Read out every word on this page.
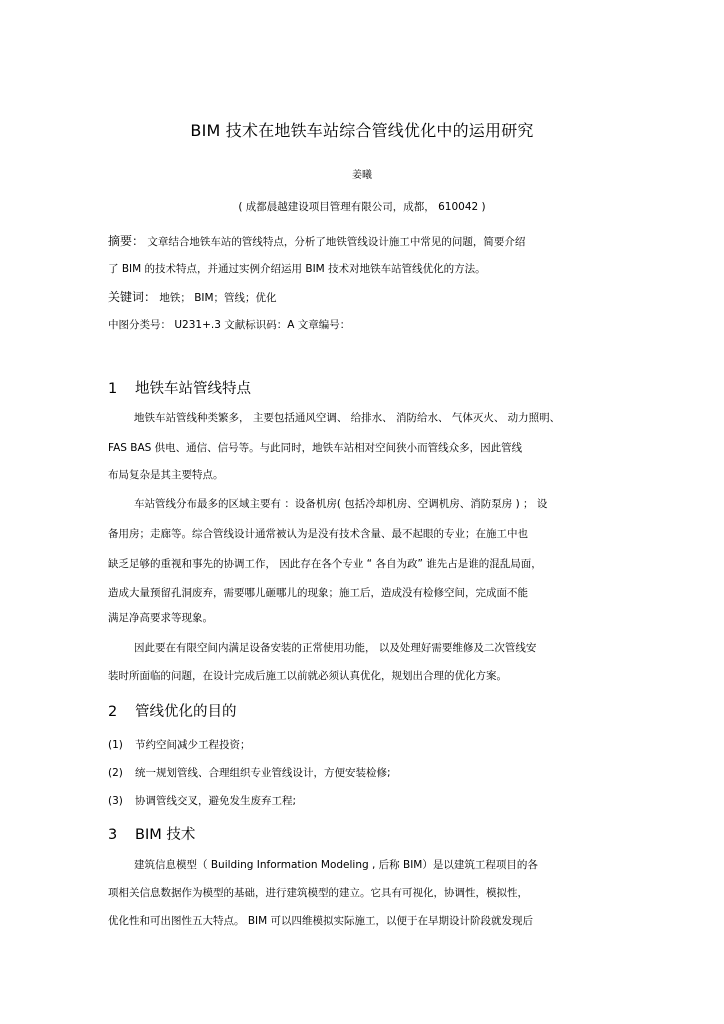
BIM 技术在地铁车站综合管线优化中的运用研究
姜曦
( 成都晨越建设项目管理有限公司，成都， 610042 )
摘要： 文章结合地铁车站的管线特点，分析了地铁管线设计施工中常见的问题，简要介绍
了 BIM 的技术特点，并通过实例介绍运用 BIM 技术对地铁车站管线优化的方法。
关键词： 地铁； BIM；管线；优化
中图分类号： U231+.3 文献标识码：A 文章编号：
1 地铁车站管线特点
地铁车站管线种类繁多， 主要包括通风空调、 给排水、 消防给水、 气体灭火、 动力照明、
FAS BAS 供电、通信、信号等。与此同时，地铁车站相对空间狭小而管线众多，因此管线
布局复杂是其主要特点。
车站管线分布最多的区域主要有 ：设备机房( 包括冷却机房、空调机房、消防泵房 ) ； 设
备用房；走廊等。综合管线设计通常被认为是没有技术含量、最不起眼的专业；在施工中也
缺乏足够的重视和事先的协调工作， 因此存在各个专业 “ 各自为政” 谁先占是谁的混乱局面，
造成大量预留孔洞废弃，需要哪儿砸哪儿的现象；施工后，造成没有检修空间，完成面不能
满足净高要求等现象。
因此要在有限空间内满足设备安装的正常使用功能， 以及处理好需要维修及二次管线安
装时所面临的问题，在设计完成后施工以前就必须认真优化，规划出合理的优化方案。
2 管线优化的目的
(1) 节约空间减少工程投资；
(2) 统一规划管线、合理组织专业管线设计，方便安装检修;
(3) 协调管线交叉，避免发生废弃工程;
3 BIM 技术
建筑信息模型（ Building Information Modeling , 后称 BIM）是以建筑工程项目的各
项相关信息数据作为模型的基础，进行建筑模型的建立。它具有可视化，协调性，模拟性，
优化性和可出图性五大特点。 BIM 可以四维模拟实际施工，以便于在早期设计阶段就发现后
